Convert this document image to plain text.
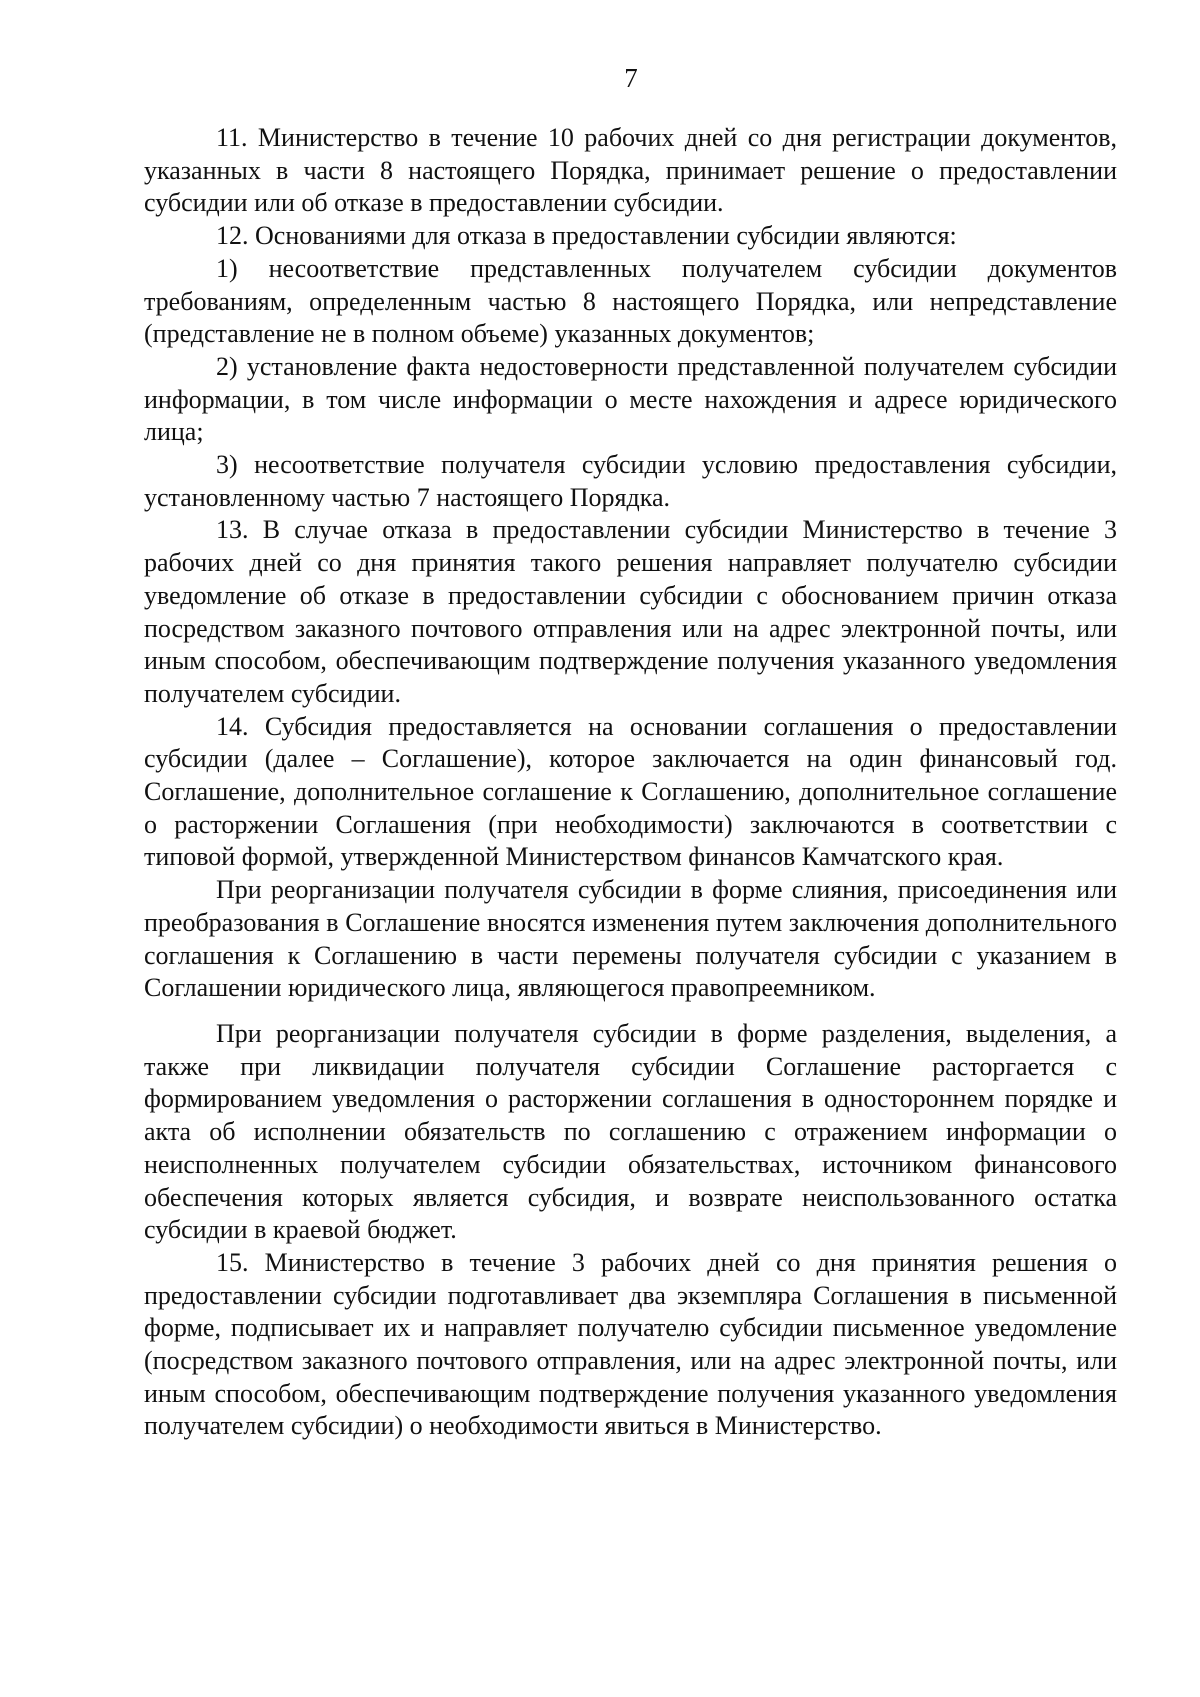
7

11. Министерство в течение 10 рабочих дней со дня регистрации документов, указанных в части 8 настоящего Порядка, принимает решение о предоставлении субсидии или об отказе в предоставлении субсидии.

12. Основаниями для отказа в предоставлении субсидии являются:

1) несоответствие представленных получателем субсидии документов требованиям, определенным частью 8 настоящего Порядка, или непредставление (представление не в полном объеме) указанных документов;

2) установление факта недостоверности представленной получателем субсидии информации, в том числе информации о месте нахождения и адресе юридического лица;

3) несоответствие получателя субсидии условию предоставления субсидии, установленному частью 7 настоящего Порядка.

13. В случае отказа в предоставлении субсидии Министерство в течение 3 рабочих дней со дня принятия такого решения направляет получателю субсидии уведомление об отказе в предоставлении субсидии с обоснованием причин отказа посредством заказного почтового отправления или на адрес электронной почты, или иным способом, обеспечивающим подтверждение получения указанного уведомления получателем субсидии.

14. Субсидия предоставляется на основании соглашения о предоставлении субсидии (далее – Соглашение), которое заключается на один финансовый год. Соглашение, дополнительное соглашение к Соглашению, дополнительное соглашение о расторжении Соглашения (при необходимости) заключаются в соответствии с типовой формой, утвержденной Министерством финансов Камчатского края.

При реорганизации получателя субсидии в форме слияния, присоединения или преобразования в Соглашение вносятся изменения путем заключения дополнительного соглашения к Соглашению в части перемены получателя субсидии с указанием в Соглашении юридического лица, являющегося правопреемником.

При реорганизации получателя субсидии в форме разделения, выделения, а также при ликвидации получателя субсидии Соглашение расторгается с формированием уведомления о расторжении соглашения в одностороннем порядке и акта об исполнении обязательств по соглашению с отражением информации о неисполненных получателем субсидии обязательствах, источником финансового обеспечения которых является субсидия, и возврате неиспользованного остатка субсидии в краевой бюджет.

15. Министерство в течение 3 рабочих дней со дня принятия решения о предоставлении субсидии подготавливает два экземпляра Соглашения в письменной форме, подписывает их и направляет получателю субсидии письменное уведомление (посредством заказного почтового отправления, или на адрес электронной почты, или иным способом, обеспечивающим подтверждение получения указанного уведомления получателем субсидии) о необходимости явиться в Министерство.
